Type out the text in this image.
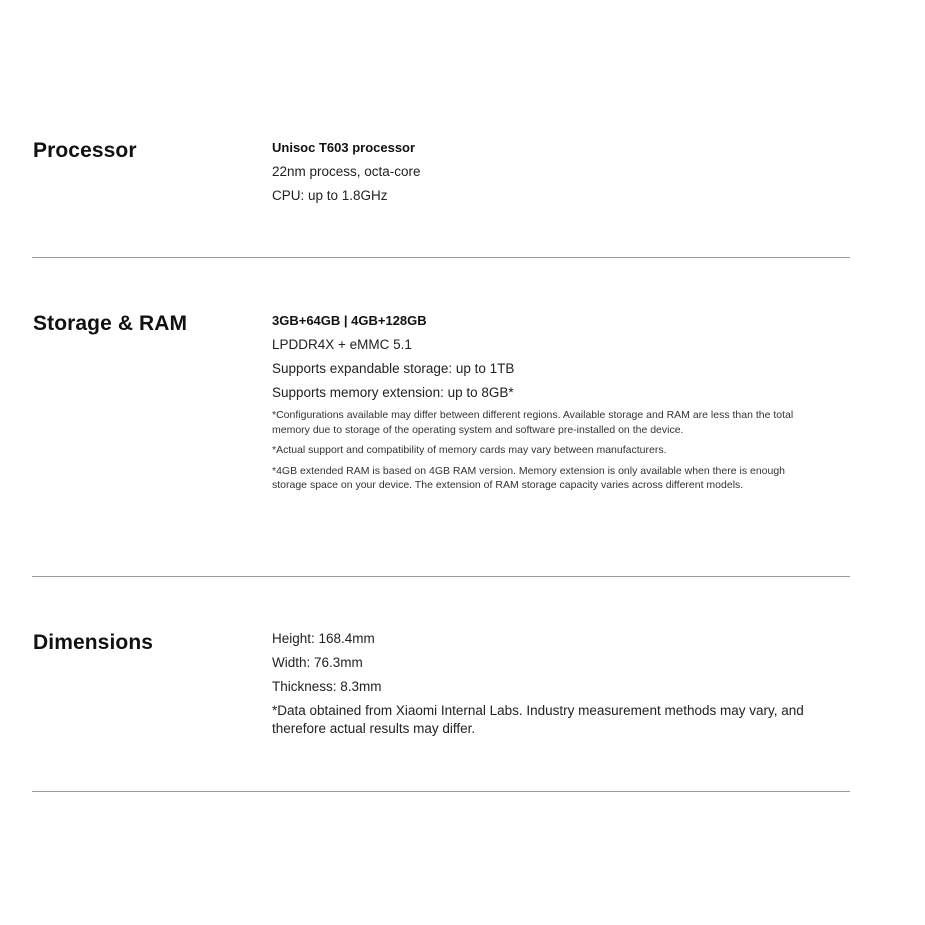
Processor	Unisoc T603 processor
22nm process, octa-core
CPU: up to 1.8GHz
Storage & RAM	3GB+64GB | 4GB+128GB
LPDDR4X + eMMC 5.1
Supports expandable storage: up to 1TB
Supports memory extension: up to 8GB*
*Configurations available may differ between different regions. Available storage and RAM are less than the total memory due to storage of the operating system and software pre-installed on the device.
*Actual support and compatibility of memory cards may vary between manufacturers.
*4GB extended RAM is based on 4GB RAM version. Memory extension is only available when there is enough storage space on your device. The extension of RAM storage capacity varies across different models.
Dimensions	Height: 168.4mm
Width: 76.3mm
Thickness: 8.3mm
*Data obtained from Xiaomi Internal Labs. Industry measurement methods may vary, and therefore actual results may differ.
